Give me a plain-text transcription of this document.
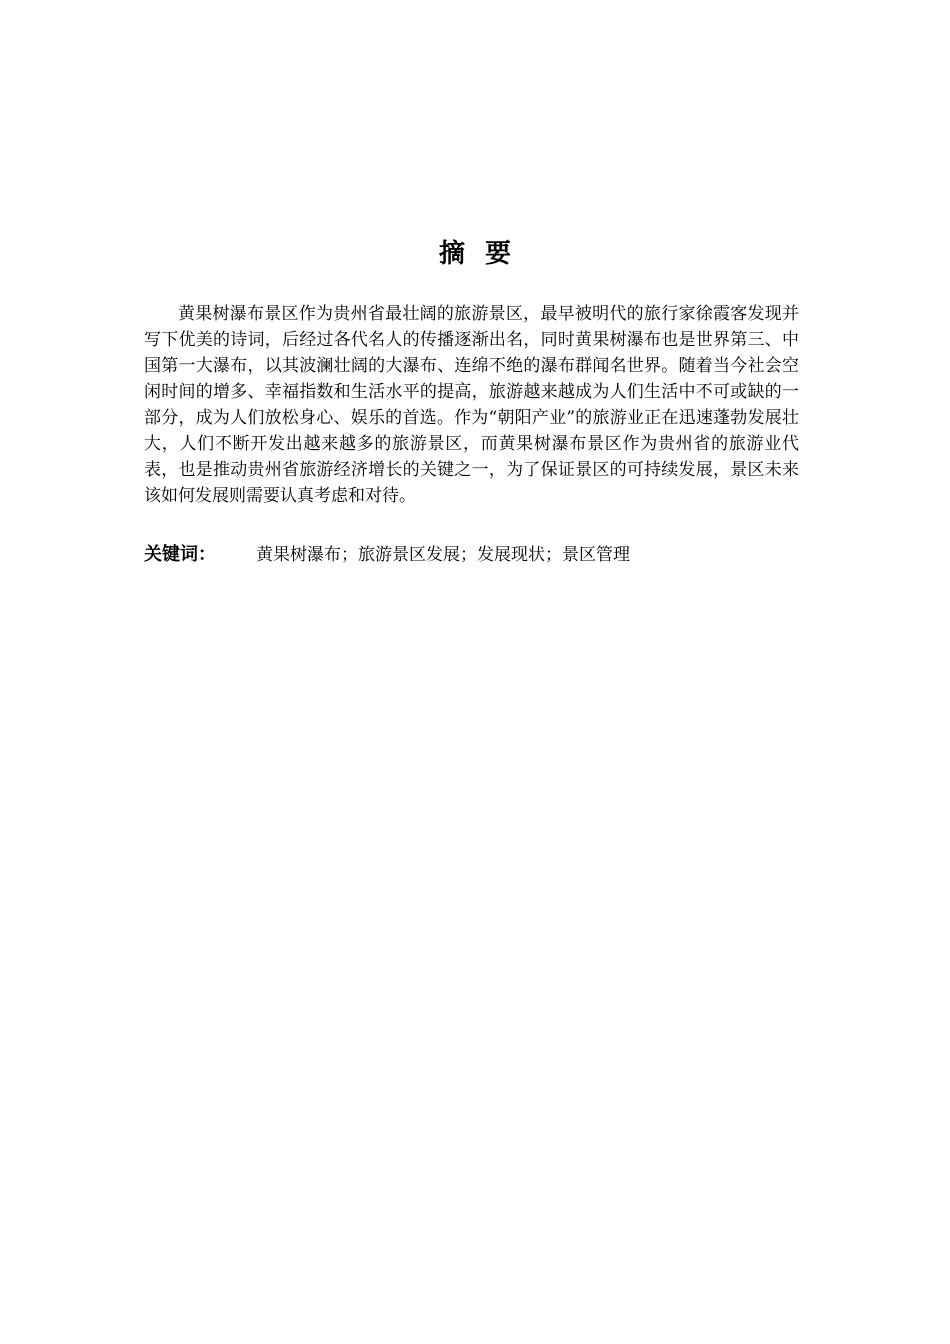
摘要

黄果树瀑布景区作为贵州省最壮阔的旅游景区，最早被明代的旅行家徐霞客发现并写下优美的诗词，后经过各代名人的传播逐渐出名，同时黄果树瀑布也是世界第三、中国第一大瀑布，以其波澜壮阔的大瀑布、连绵不绝的瀑布群闻名世界。随着当今社会空闲时间的增多、幸福指数和生活水平的提高，旅游越来越成为人们生活中不可或缺的一部分，成为人们放松身心、娱乐的首选。作为“朝阳产业”的旅游业正在迅速蓬勃发展壮大，人们不断开发出越来越多的旅游景区，而黄果树瀑布景区作为贵州省的旅游业代表，也是推动贵州省旅游经济增长的关键之一，为了保证景区的可持续发展，景区未来该如何发展则需要认真考虑和对待。

关键词： 黄果树瀑布；旅游景区发展；发展现状；景区管理
